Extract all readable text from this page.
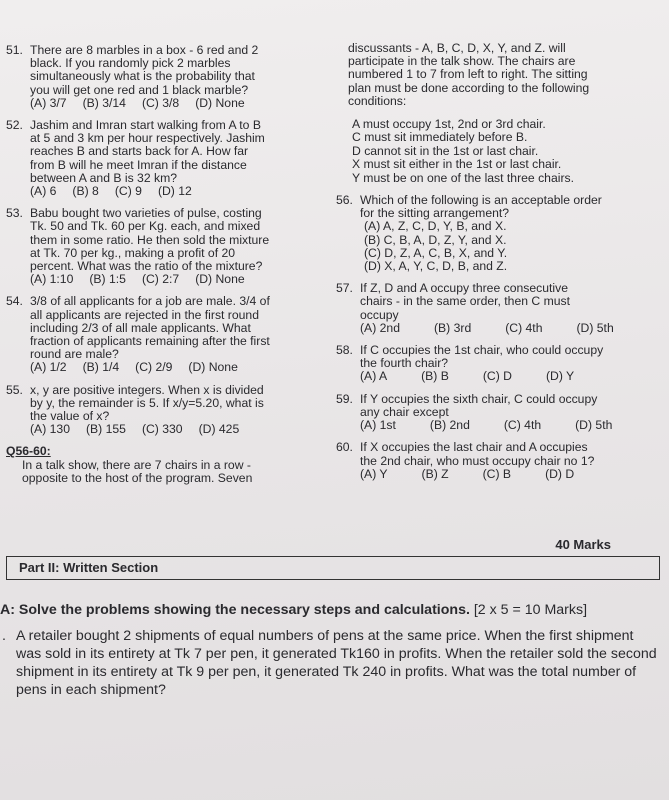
51. There are 8 marbles in a box - 6 red and 2
black. If you randomly pick 2 marbles
simultaneously what is the probability that
you will get one red and 1 black marble?
(A) 3/7 (B) 3/14 (C) 3/8 (D) None
52. Jashim and Imran start walking from A to B
at 5 and 3 km per hour respectively. Jashim
reaches B and starts back for A. How far
from B will he meet Imran if the distance
between A and B is 32 km?
(A) 6 (B) 8 (C) 9 (D) 12
53. Babu bought two varieties of pulse, costing
Tk. 50 and Tk. 60 per Kg. each, and mixed
them in some ratio. He then sold the mixture
at Tk. 70 per kg., making a profit of 20
percent. What was the ratio of the mixture?
(A) 1:10 (B) 1:5 (C) 2:7 (D) None
54. 3/8 of all applicants for a job are male. 3/4 of
all applicants are rejected in the first round
including 2/3 of all male applicants. What
fraction of applicants remaining after the first
round are male?
(A) 1/2 (B) 1/4 (C) 2/9 (D) None
55. x, y are positive integers. When x is divided
by y, the remainder is 5. If x/y=5.20, what is
the value of x?
(A) 130 (B) 155 (C) 330 (D) 425
Q56-60:
In a talk show, there are 7 chairs in a row -
opposite to the host of the program. Seven
discussants - A, B, C, D, X, Y, and Z. will
participate in the talk show. The chairs are
numbered 1 to 7 from left to right. The sitting
plan must be done according to the following
conditions:
A must occupy 1st, 2nd or 3rd chair.
C must sit immediately before B.
D cannot sit in the 1st or last chair.
X must sit either in the 1st or last chair.
Y must be on one of the last three chairs.
56. Which of the following is an acceptable order
for the sitting arrangement?
(A) A, Z, C, D, Y, B, and X.
(B) C, B, A, D, Z, Y, and X.
(C) D, Z, A, C, B, X, and Y.
(D) X, A, Y, C, D, B, and Z.
57. If Z, D and A occupy three consecutive
chairs - in the same order, then C must
occupy
(A) 2nd	(B) 3rd	(C) 4th	(D) 5th
58. If C occupies the 1st chair, who could occupy
the fourth chair?
(A) A	(B) B	(C) D	(D) Y
59. If Y occupies the sixth chair, C could occupy
any chair except
(A) 1st	(B) 2nd	(C) 4th	(D) 5th
60. If X occupies the last chair and A occupies
the 2nd chair, who must occupy chair no 1?
(A) Y	(B) Z	(C) B	(D) D
40 Marks
Part II: Written Section
A: Solve the problems showing the necessary steps and calculations. [2 x 5 = 10 Marks]
. A retailer bought 2 shipments of equal numbers of pens at the same price. When the first shipment was sold in its entirety at Tk 7 per pen, it generated Tk160 in profits. When the retailer sold the second shipment in its entirety at Tk 9 per pen, it generated Tk 240 in profits. What was the total number of pens in each shipment?
